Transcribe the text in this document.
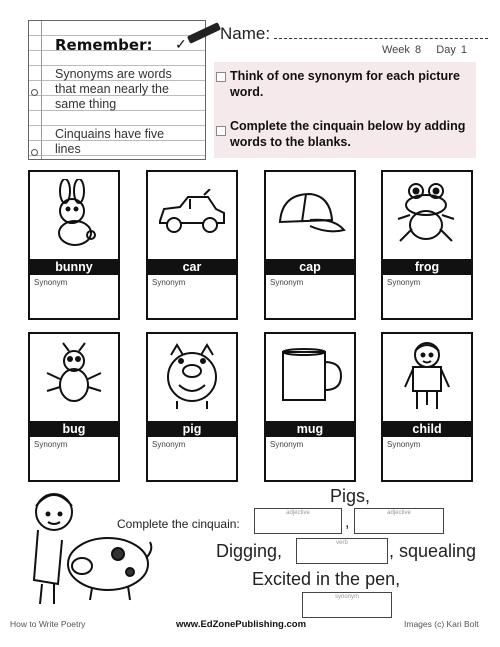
Remember: ✓
Synonyms are words
that mean nearly the
same thing
Cinquains have five
lines
Name:
Week 8 Day 1
Think of one synonym for each picture word.
Complete the cinquain below by adding words to the blanks.
bunny
Synonym
car
Synonym
cap
Synonym
frog
Synonym
bug
Synonym
pig
Synonym
mug
Synonym
child
Synonym
Complete the cinquain:
Pigs,
adjective
,
adjective
Digging,	verb	, squealing
Excited in the pen,
synonym
How to Write Poetry	www.EdZonePublishing.com	Images (c) Kari Bolt
